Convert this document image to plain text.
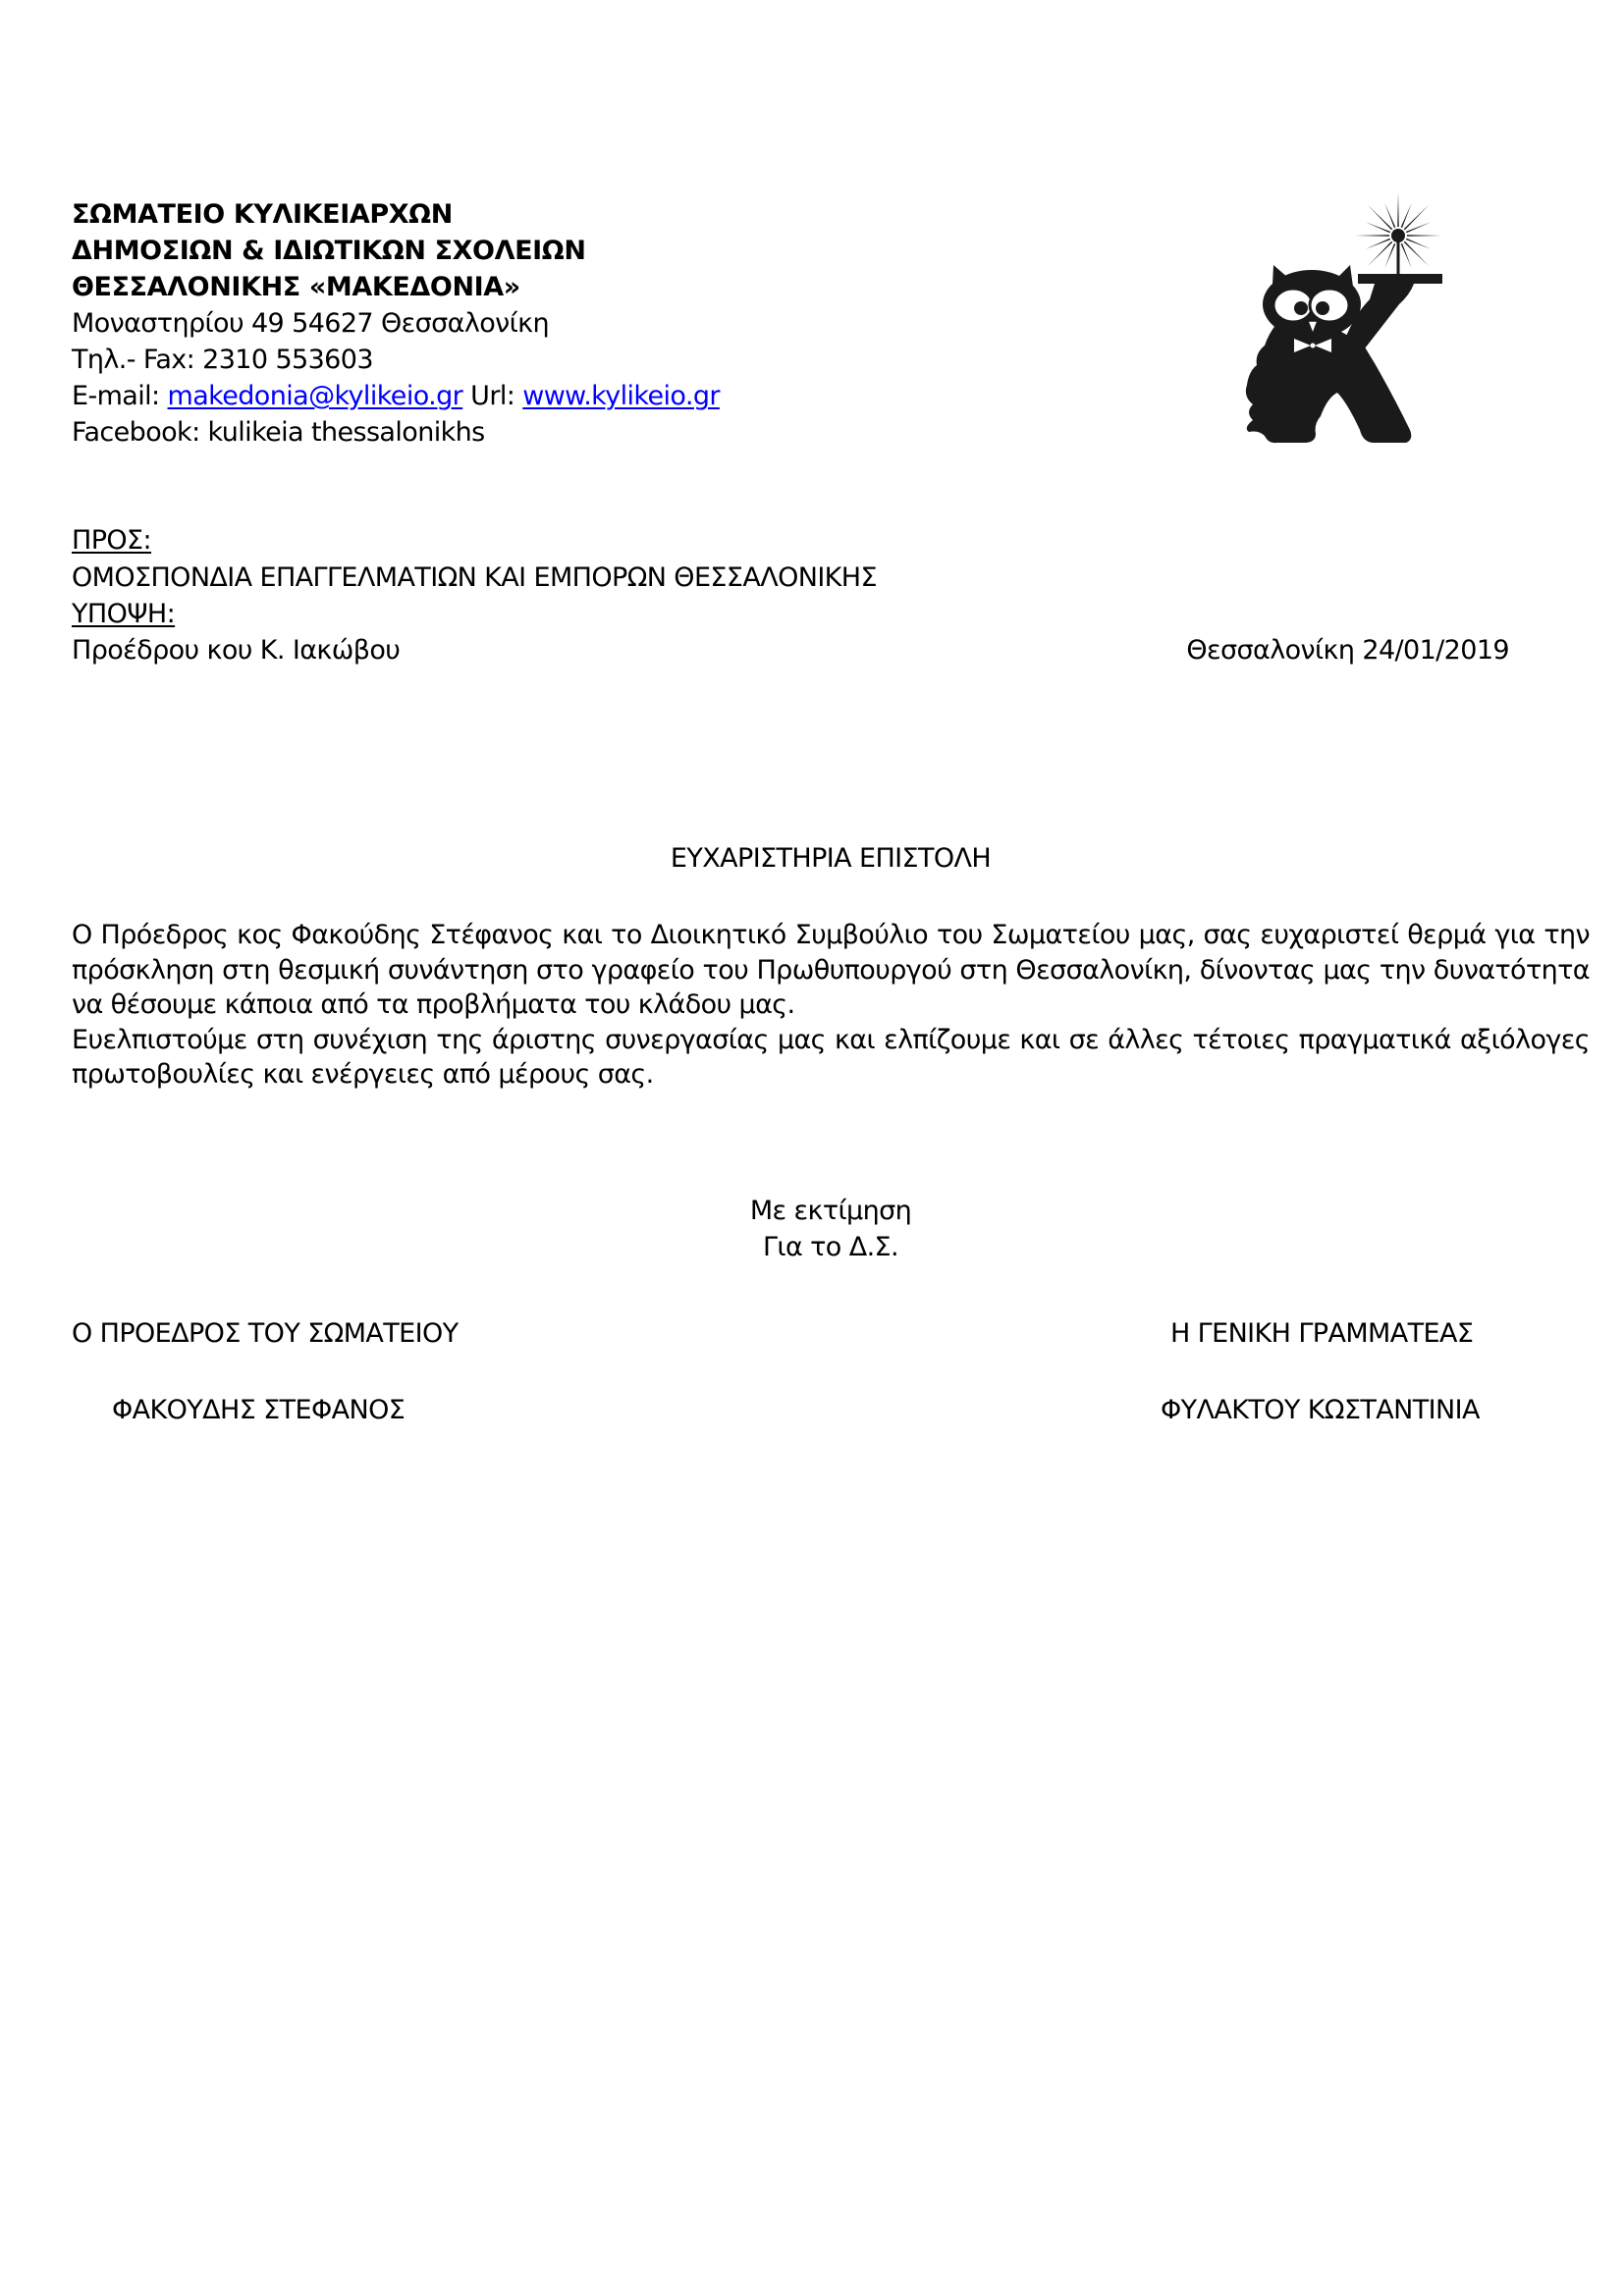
ΣΩΜΑΤΕΙΟ ΚΥΛΙΚΕΙΑΡΧΩΝ
ΔΗΜΟΣΙΩΝ & ΙΔΙΩΤΙΚΩΝ ΣΧΟΛΕΙΩΝ
ΘΕΣΣΑΛΟΝΙΚΗΣ «ΜΑΚΕΔΟΝΙΑ»
Μοναστηρίου 49 54627 Θεσσαλονίκη
Τηλ.- Fax: 2310 553603
E-mail: makedonia@kylikeio.gr Url: www.kylikeio.gr
Facebook: kulikeia thessalonikhs
ΠΡΟΣ:
ΟΜΟΣΠΟΝΔΙΑ ΕΠΑΓΓΕΛΜΑΤΙΩΝ ΚΑΙ ΕΜΠΟΡΩΝ ΘΕΣΣΑΛΟΝΙΚΗΣ
ΥΠΟΨΗ:
Προέδρου κου Κ. Ιακώβου	Θεσσαλονίκη 24/01/2019
ΕΥΧΑΡΙΣΤΗΡΙΑ ΕΠΙΣΤΟΛΗ

Ο Πρόεδρος κος Φακούδης Στέφανος και το Διοικητικό Συμβούλιο του Σωματείου μας, σας ευχαριστεί θερμά για την πρόσκληση στη θεσμική συνάντηση στο γραφείο του Πρωθυπουργού στη Θεσσαλονίκη, δίνοντας μας την δυνατότητα να θέσουμε κάποια από τα προβλήματα του κλάδου μας.

Ευελπιστούμε στη συνέχιση της άριστης συνεργασίας μας και ελπίζουμε και σε άλλες τέτοιες πραγματικά αξιόλογες πρωτοβουλίες και ενέργειες από μέρους σας.

Με εκτίμηση
Για το Δ.Σ.
Ο ΠΡΟΕΔΡΟΣ ΤΟΥ ΣΩΜΑΤΕΙΟΥ
ΦΑΚΟΥΔΗΣ ΣΤΕΦΑΝΟΣ
Η ΓΕΝΙΚΗ ΓΡΑΜΜΑΤΕΑΣ
ΦΥΛΑΚΤΟΥ ΚΩΣΤΑΝΤΙΝΙΑ
